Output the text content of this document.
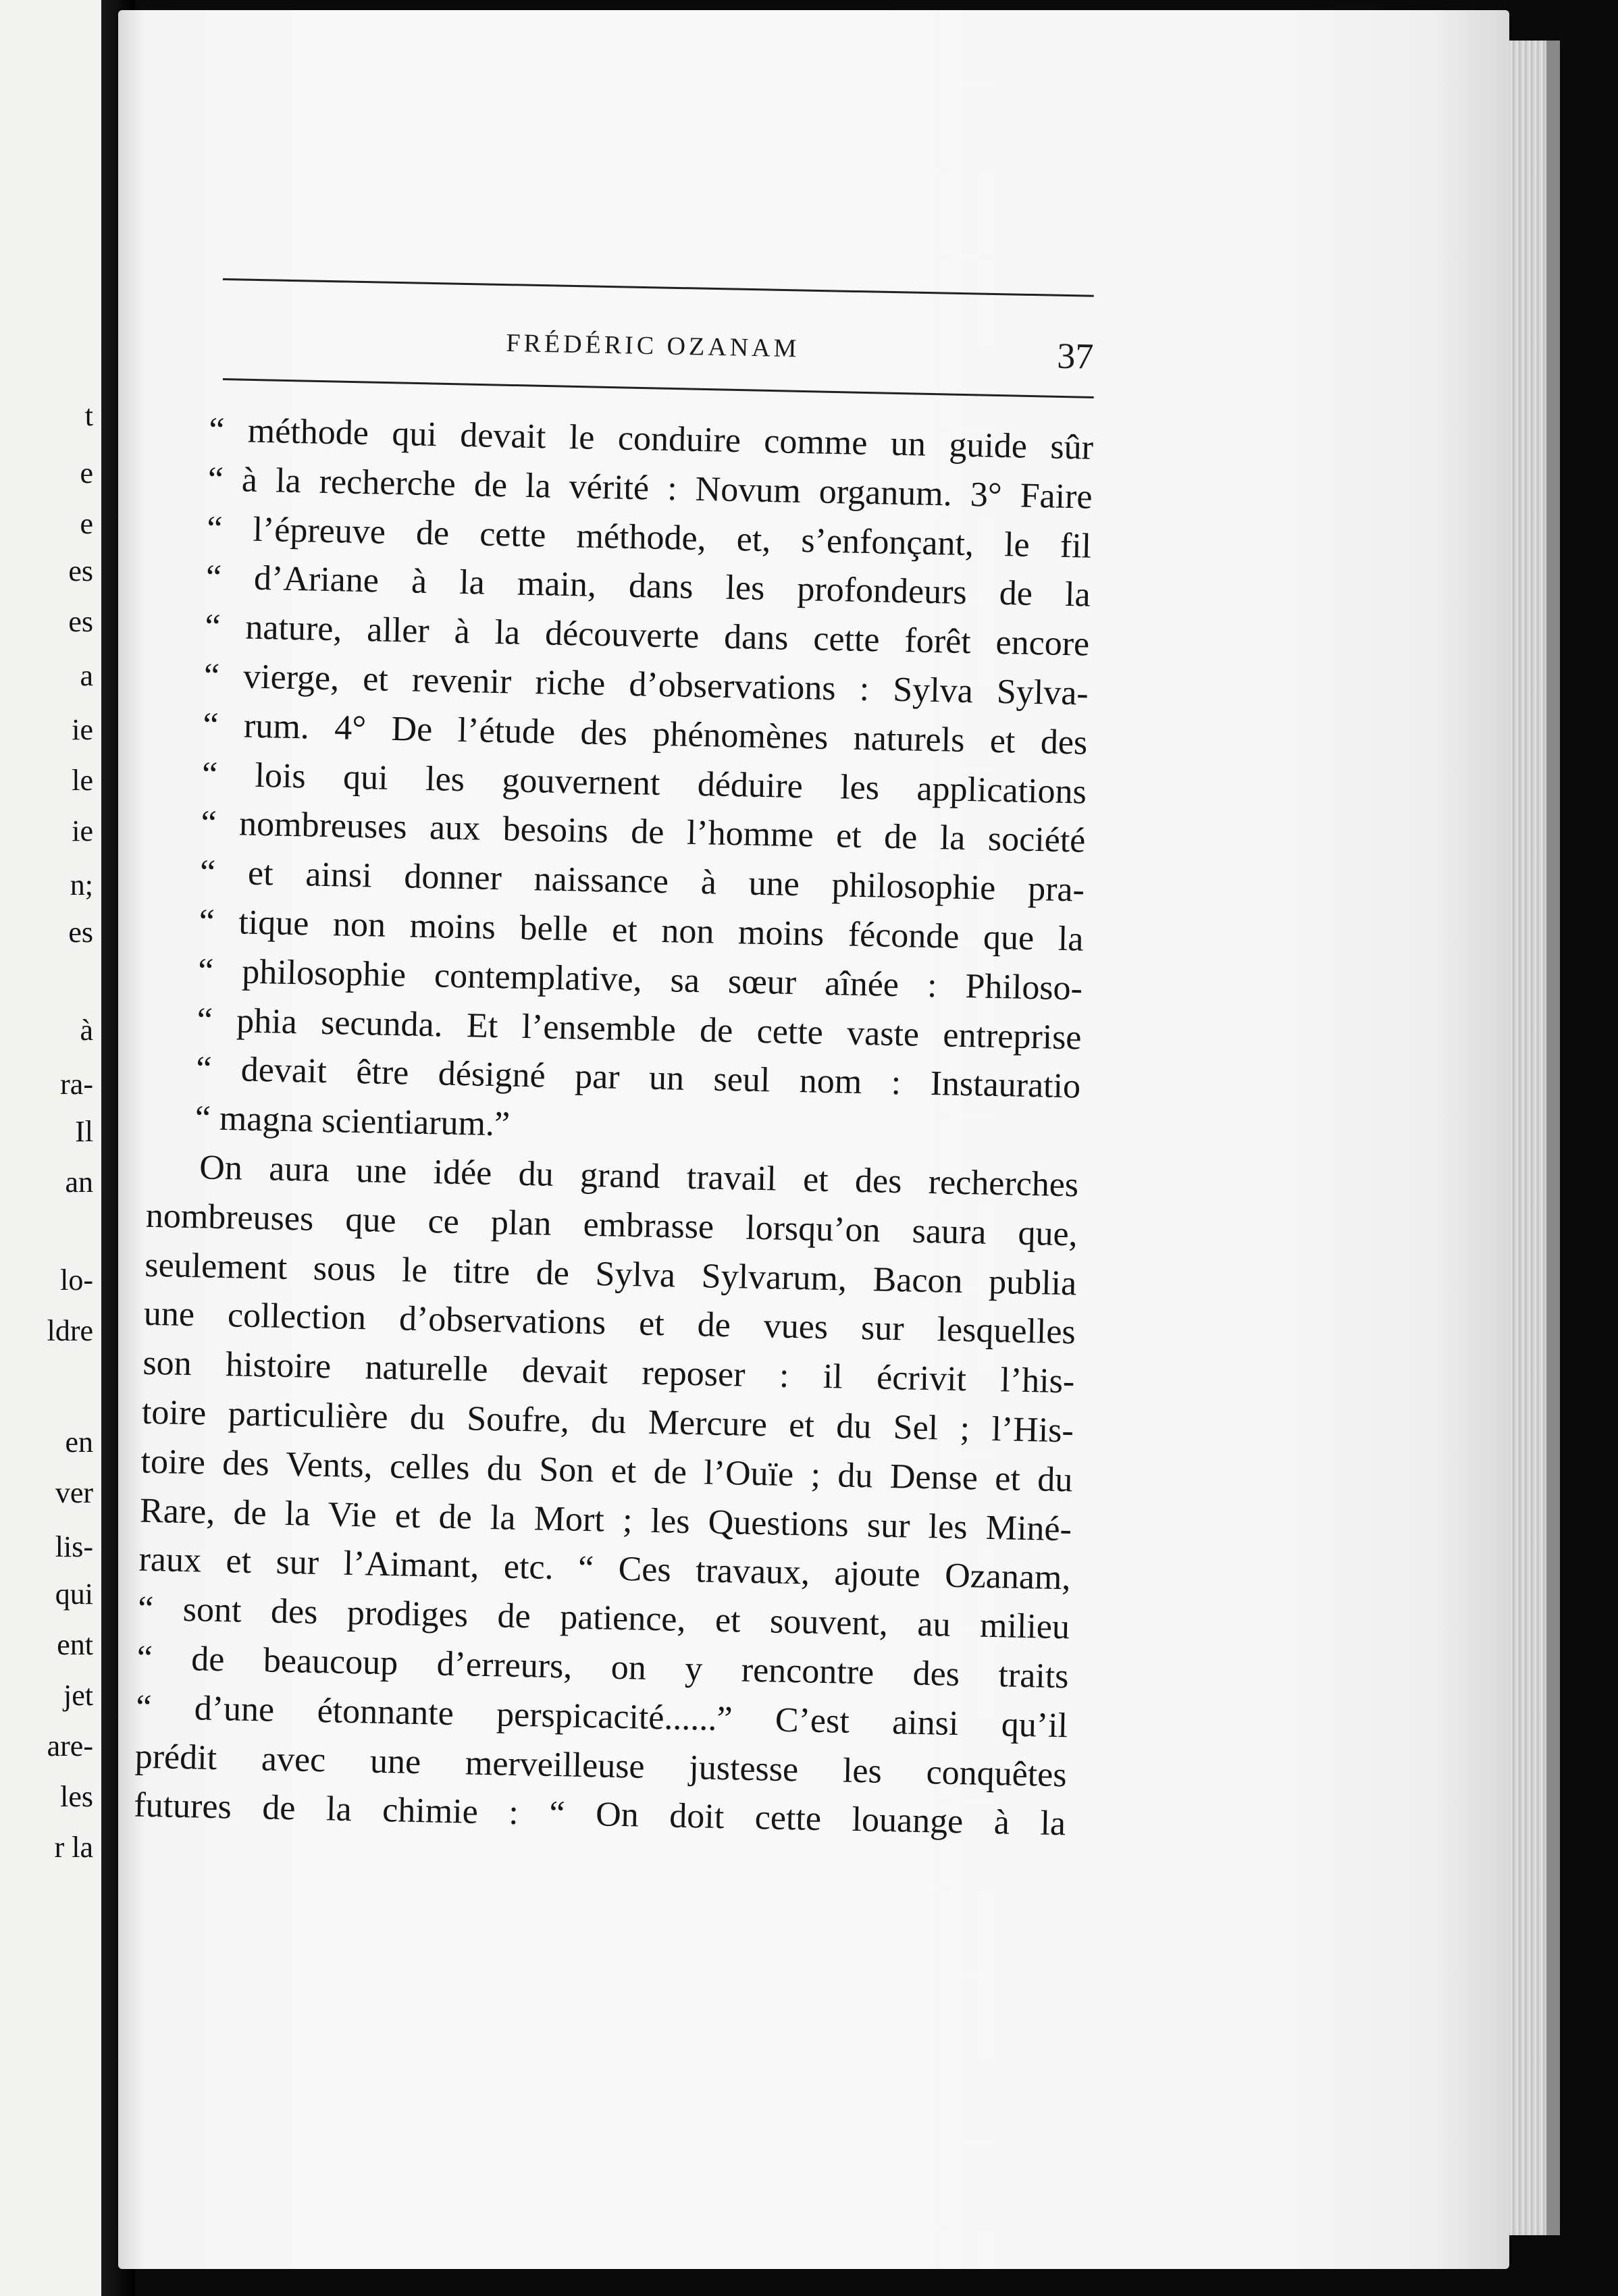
t
e
e
es
es
a
ie
le
ie
n;
es
à
ra-
Il
an
lo-
ldre
en
ver
lis-
qui
ent
jet
are-
les
r la
FRÉDÉRIC OZANAM	37
“ méthode qui devait le conduire comme un guide sûr
“ à la recherche de la vérité : Novum organum. 3° Faire
“ l’épreuve de cette méthode, et, s’enfonçant, le fil
“ d’Ariane à la main, dans les profondeurs de la
“ nature, aller à la découverte dans cette forêt encore
“ vierge, et revenir riche d’observations : Sylva Sylva-
“ rum. 4° De l’étude des phénomènes naturels et des
“ lois qui les gouvernent déduire les applications
“ nombreuses aux besoins de l’homme et de la société
“ et ainsi donner naissance à une philosophie pra-
“ tique non moins belle et non moins féconde que la
“ philosophie contemplative, sa sœur aînée : Philoso-
“ phia secunda. Et l’ensemble de cette vaste entreprise
“ devait être désigné par un seul nom : Instauratio
“ magna scientiarum.”
On aura une idée du grand travail et des recherches
nombreuses que ce plan embrasse lorsqu’on saura que,
seulement sous le titre de Sylva Sylvarum, Bacon publia
une collection d’observations et de vues sur lesquelles
son histoire naturelle devait reposer : il écrivit l’his-
toire particulière du Soufre, du Mercure et du Sel ; l’His-
toire des Vents, celles du Son et de l’Ouïe ; du Dense et du
Rare, de la Vie et de la Mort ; les Questions sur les Miné-
raux et sur l’Aimant, etc. “ Ces travaux, ajoute Ozanam,
“ sont des prodiges de patience, et souvent, au milieu
“ de beaucoup d’erreurs, on y rencontre des traits
“ d’une étonnante perspicacité......” C’est ainsi qu’il
prédit avec une merveilleuse justesse les conquêtes
futures de la chimie : “ On doit cette louange à la
